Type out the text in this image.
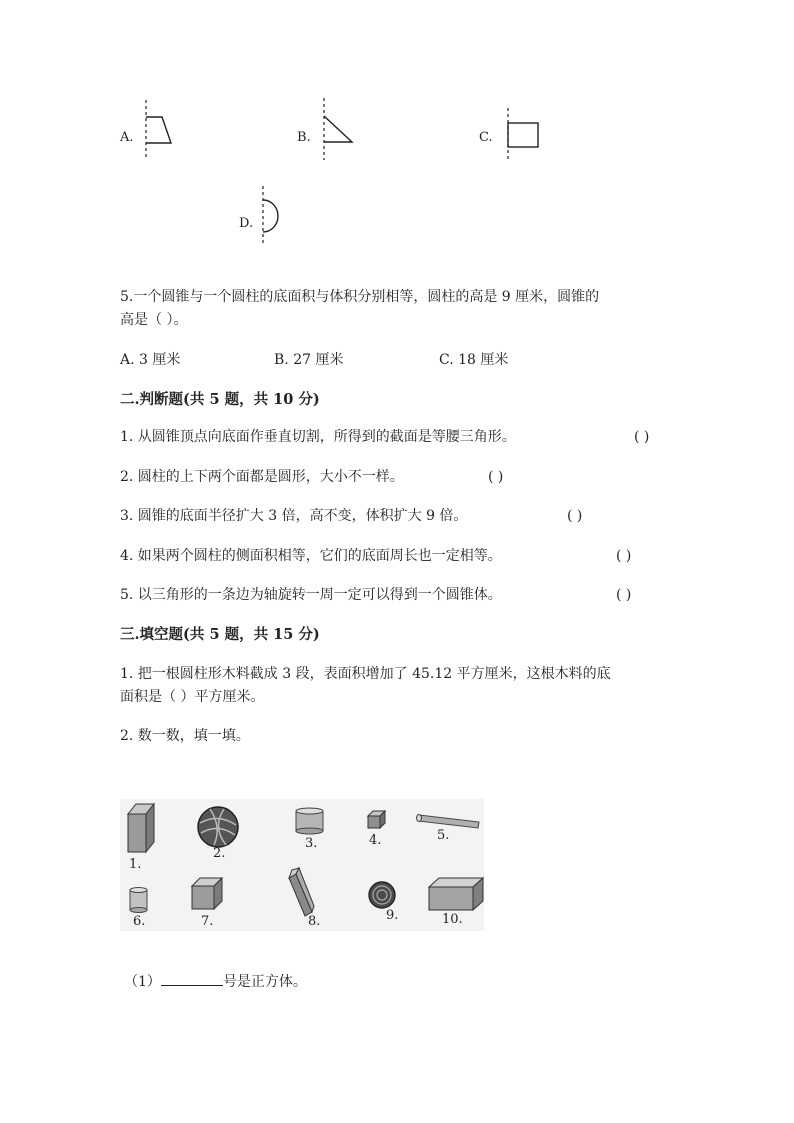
A.	B.	C.
D.
5.一个圆锥与一个圆柱的底面积与体积分别相等，圆柱的高是 9 厘米，圆锥的
高是（ ）。
A. 3 厘米	B. 27 厘米	C. 18 厘米
二.判断题(共 5 题，共 10 分)
1. 从圆锥顶点向底面作垂直切割，所得到的截面是等腰三角形。	( )
2. 圆柱的上下两个面都是圆形，大小不一样。	( )
3. 圆锥的底面半径扩大 3 倍，高不变，体积扩大 9 倍。	( )
4. 如果两个圆柱的侧面积相等，它们的底面周长也一定相等。	( )
5. 以三角形的一条边为轴旋转一周一定可以得到一个圆锥体。	( )
三.填空题(共 5 题，共 15 分)
1. 把一根圆柱形木料截成 3 段，表面积增加了 45.12 平方厘米，这根木料的底
面积是（ ）平方厘米。
2. 数一数，填一填。
1.
2.
3.	4.	5.
6.	7.	8.	9.	10.
（1）	号是正方体。
